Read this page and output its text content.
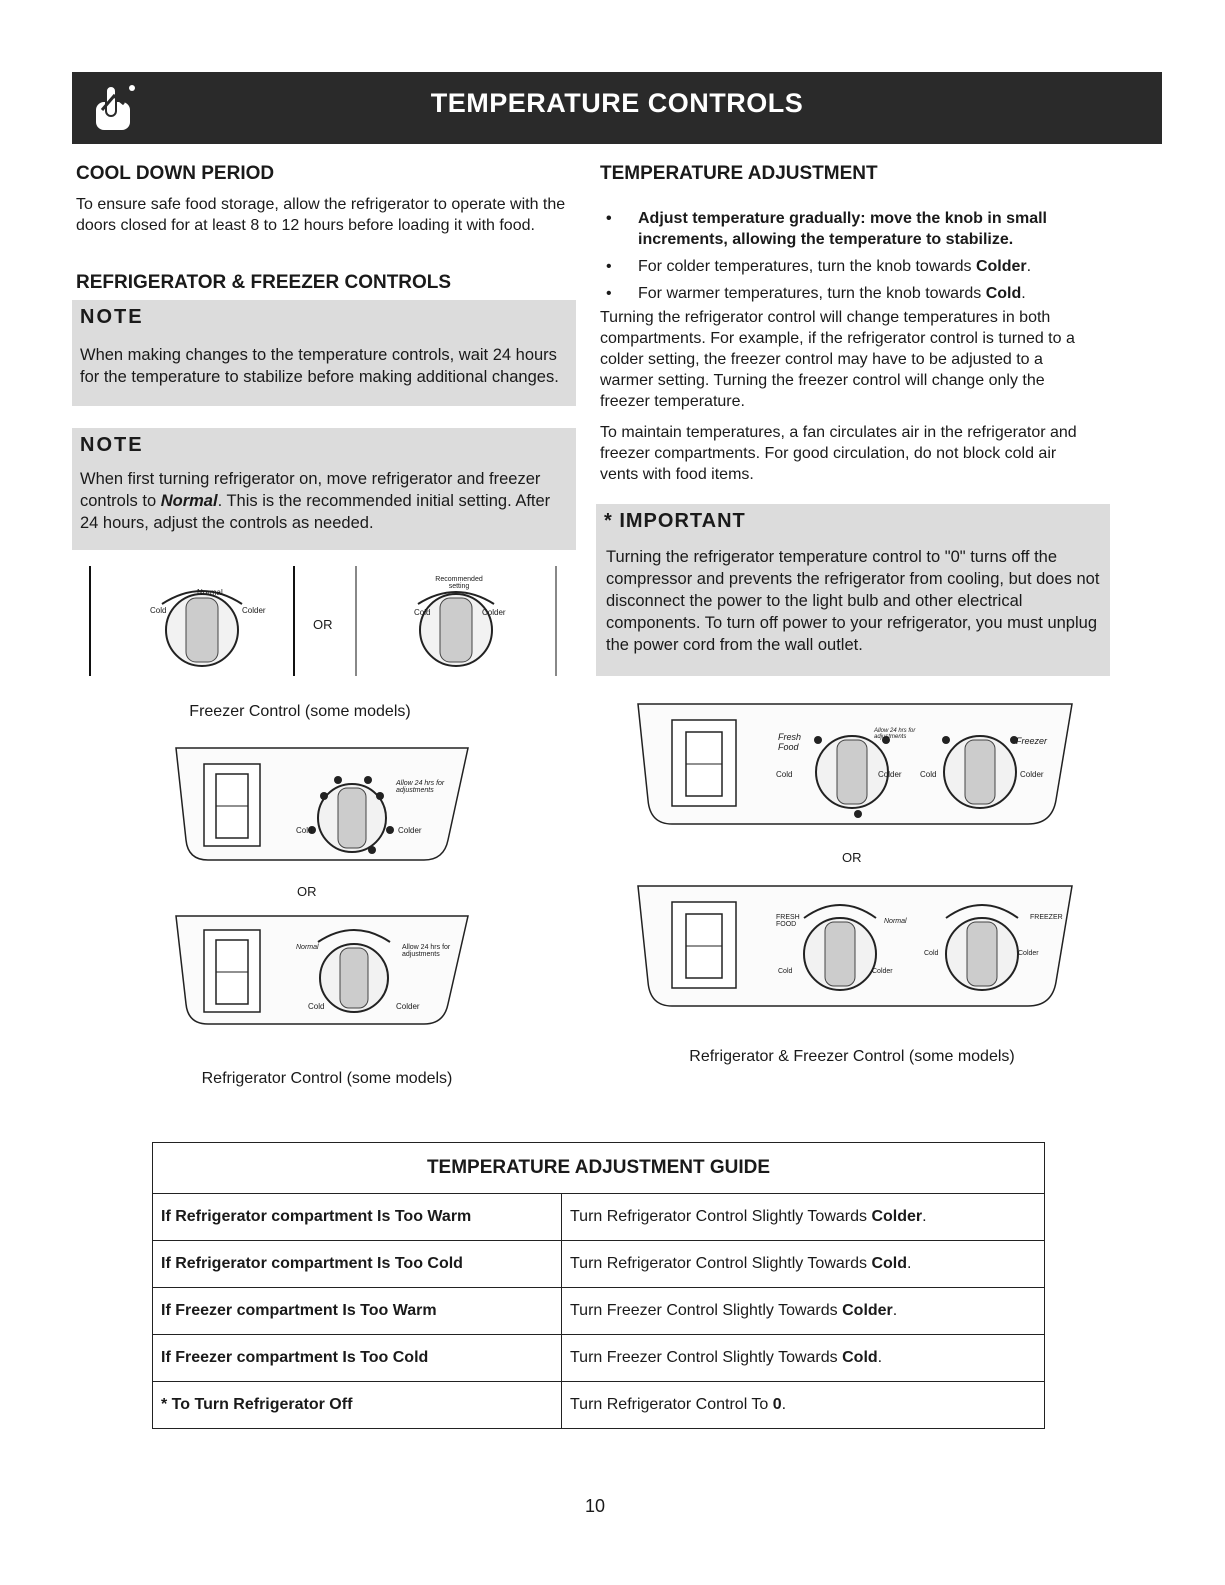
TEMPERATURE CONTROLS
COOL DOWN PERIOD

To ensure safe food storage, allow the refrigerator to operate with the doors closed for at least 8 to 12 hours before loading it with food.

REFRIGERATOR & FREEZER CONTROLS
NOTE
When making changes to the temperature controls, wait 24 hours for the temperature to stabilize before making additional changes.
NOTE
When first turning refrigerator on, move refrigerator and freezer controls to Normal. This is the recommended initial setting. After 24 hours, adjust the controls as needed.
Normal
Cold	Colder
Recommended setting
Cold	Colder
OR
Freezer Control (some models)
Allow 24 hrs for adjustments
Cold	Colder
OR
Normal	Allow 24 hrs for adjustments
Cold	Colder
Refrigerator Control (some models)
TEMPERATURE ADJUSTMENT
• Adjust temperature gradually: move the knob in small increments, allowing the temperature to stabilize.
• For colder temperatures, turn the knob towards Colder.
• For warmer temperatures, turn the knob towards Cold.

Turning the refrigerator control will change temperatures in both compartments. For example, if the refrigerator control is turned to a colder setting, the freezer control may have to be adjusted to a warmer setting. Turning the freezer control will change only the freezer temperature.

To maintain temperatures, a fan circulates air in the refrigerator and freezer compartments. For good circulation, do not block cold air vents with food items.

* IMPORTANT
Turning the refrigerator temperature control to "0" turns off the compressor and prevents the refrigerator from cooling, but does not disconnect the power to the light bulb and other electrical components. To turn off power to your refrigerator, you must unplug the power cord from the wall outlet.
Fresh Food
Allow 24 hrs for adjustments	Freezer
Cold	Colder Cold	Colder
OR
FRESH FOOD	Normal
FREEZER
Cold	Colder
Cold	Colder
Refrigerator & Freezer Control (some models)
TEMPERATURE ADJUSTMENT GUIDE	
If Refrigerator compartment Is Too Warm	Turn Refrigerator Control Slightly Towards Colder.
If Refrigerator compartment Is Too Cold	Turn Refrigerator Control Slightly Towards Cold.
If Freezer compartment Is Too Warm	Turn Freezer Control Slightly Towards Colder.
If Freezer compartment Is Too Cold	Turn Freezer Control Slightly Towards Cold.
* To Turn Refrigerator Off	Turn Refrigerator Control To 0.
10
